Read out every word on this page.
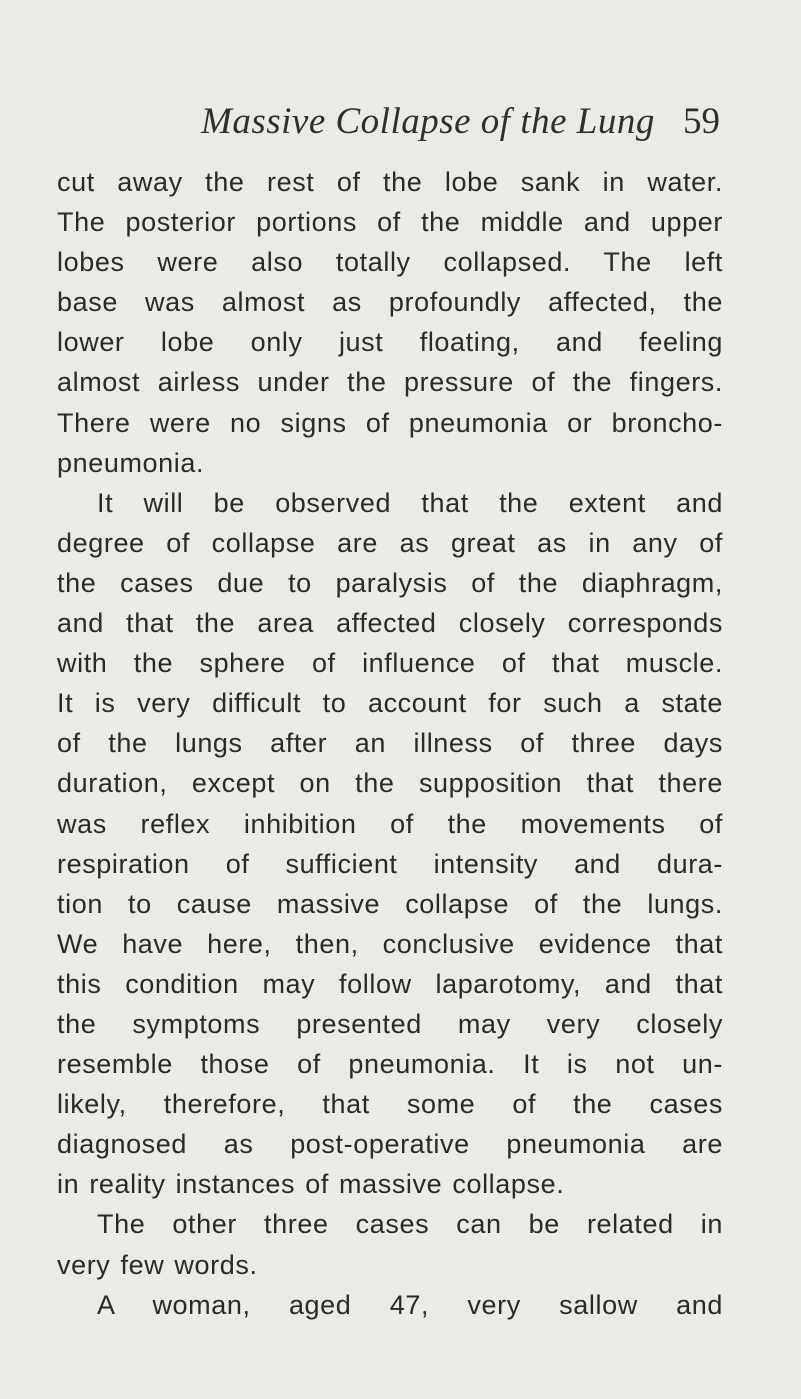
Massive Collapse of the Lung 59
cut away the rest of the lobe sank in water.
The posterior portions of the middle and upper
lobes were also totally collapsed. The left
base was almost as profoundly affected, the
lower lobe only just floating, and feeling
almost airless under the pressure of the fingers.
There were no signs of pneumonia or broncho-
pneumonia.
It will be observed that the extent and
degree of collapse are as great as in any of
the cases due to paralysis of the diaphragm,
and that the area affected closely corresponds
with the sphere of influence of that muscle.
It is very difficult to account for such a state
of the lungs after an illness of three days
duration, except on the supposition that there
was reflex inhibition of the movements of
respiration of sufficient intensity and dura-
tion to cause massive collapse of the lungs.
We have here, then, conclusive evidence that
this condition may follow laparotomy, and that
the symptoms presented may very closely
resemble those of pneumonia. It is not un-
likely, therefore, that some of the cases
diagnosed as post-operative pneumonia are
in reality instances of massive collapse.
The other three cases can be related in
very few words.
A woman, aged 47, very sallow and
